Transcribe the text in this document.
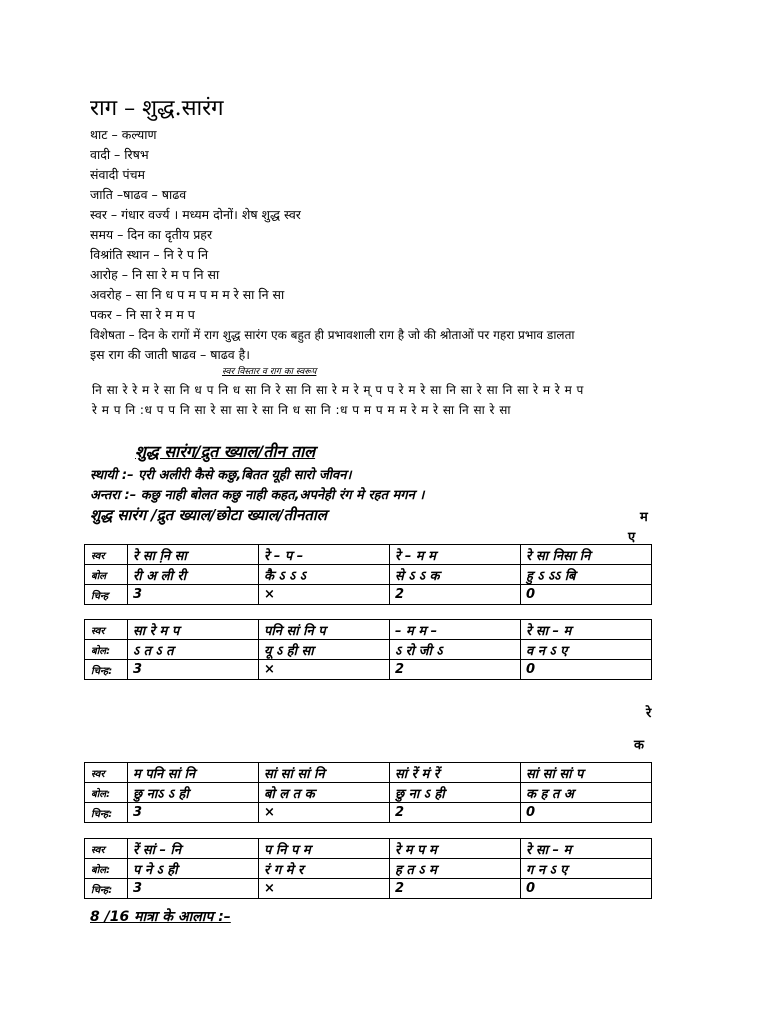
राग – शुद्ध.सारंग
थाट – कल्याण
वादी – रिषभ
संवादी पंचम
जाति –षाढव – षाढव
स्वर – गंधार वर्ज्य । मध्यम दोनों। शेष शुद्ध स्वर
समय – दिन का दृतीय प्रहर
विश्रांति स्थान – नि रे प नि
आरोह – नि सा रे म प नि सा
अवरोह – सा नि ध प म प म म रे सा नि सा
पकर – नि सा रे म म प
विशेषता – दिन के रागों में राग शुद्ध सारंग एक बहुत ही प्रभावशाली राग है जो की श्रोताओं पर गहरा प्रभाव डालता
इस राग की जाती षाढव – षाढव है।
स्वर विस्तार व राग का स्वरूप
नि सा रे रे म रे सा नि ध प नि ध सा नि रे सा नि सा रे म रे म् प प रे म रे सा नि सा रे सा नि सा रे म रे म प
रे म प नि :ध प प नि सा रे सा सा रे सा नि ध सा नि :ध प म प म म रे म रे सा नि सा रे सा
शुद्ध सारंग/द्रुत ख्याल/तीन ताल
स्थायी :– एरी अलीरी कैसे कछु,बितत यूही सारो जीवन।
अन्तरा :– कछु नाही बोलत कछु नाही कहत,अपनेही रंग मे रहत मगन ।
शुद्ध सारंग /द्रुत ख्याल/छोटा ख्याल/तीनताल	म
ए
स्वर	रे सा नि़ सा	रे – प –	रे – म म	रे सा निसा नि
बोल	री अ ली री	कै ऽ ऽ ऽ	से ऽ ऽ क	हु ऽ ऽऽ बि
चिन्ह	3	×	2	0
स्वर	सा रे म प	पनि सां नि प	– म म –	रे सा – म
बोल:	ऽ त ऽ त	यू ऽ ही सा	ऽ रो जी ऽ	व न ऽ ए
चिन्ह:	3	×	2	0
रे
क
स्वर	म पनि सां नि	सां सां सां नि	सां रें मं रें	सां सां सां प
बोल:	छु नाऽ ऽ ही	बो ल त क	छु ना ऽ ही	क ह त अ
चिन्ह:	3	×	2	0
स्वर	रें सां – नि	प नि प म	रे म प म	रे सा – म
बोल:	प ने ऽ ही	रं ग मे र	ह त ऽ म	ग न ऽ ए
चिन्ह:	3	×	2	0
8 /16 मात्रा के आलाप :–
